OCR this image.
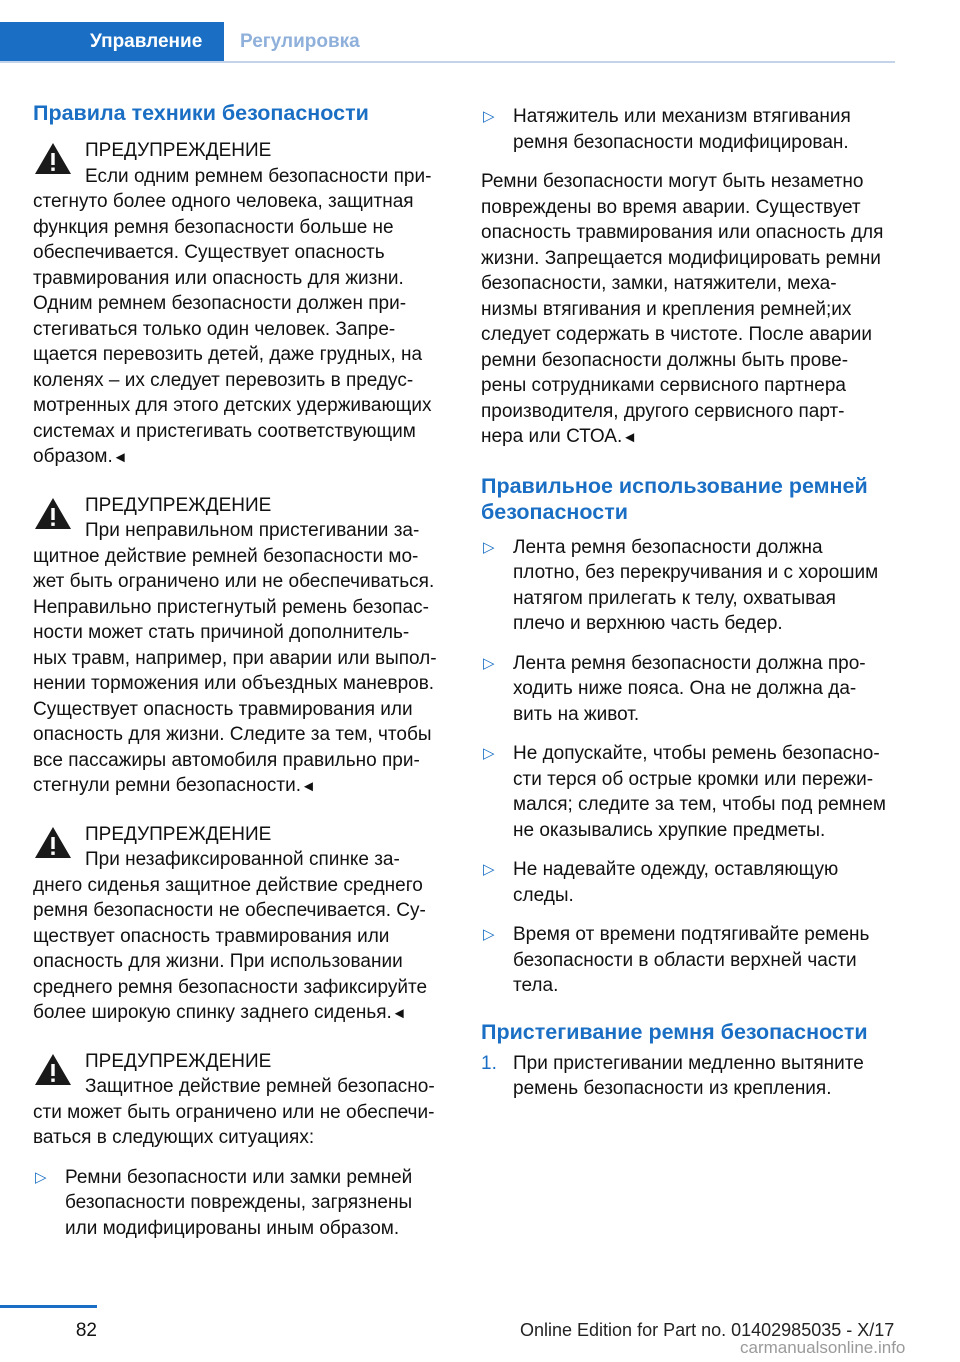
Управление	Регулировка
Правила техники безопасности
ПРЕДУПРЕЖДЕНИЕ
Если одним ремнем безопасности при-
стегнуто более одного человека, защитная
функция ремня безопасности больше не
обеспечивается. Существует опасность
травмирования или опасность для жизни.
Одним ремнем безопасности должен при-
стегиваться только один человек. Запре-
щается перевозить детей, даже грудных, на
коленях – их следует перевозить в предус-
мотренных для этого детских удерживающих
системах и пристегивать соответствующим
образом.◄
ПРЕДУПРЕЖДЕНИЕ
При неправильном пристегивании за-
щитное действие ремней безопасности мо-
жет быть ограничено или не обеспечиваться.
Неправильно пристегнутый ремень безопас-
ности может стать причиной дополнитель-
ных травм, например, при аварии или выпол-
нении торможения или объездных маневров.
Существует опасность травмирования или
опасность для жизни. Следите за тем, чтобы
все пассажиры автомобиля правильно при-
стегнули ремни безопасности.◄
ПРЕДУПРЕЖДЕНИЕ
При незафиксированной спинке за-
днего сиденья защитное действие среднего
ремня безопасности не обеспечивается. Су-
ществует опасность травмирования или
опасность для жизни. При использовании
среднего ремня безопасности зафиксируйте
более широкую спинку заднего сиденья.◄
ПРЕДУПРЕЖДЕНИЕ
Защитное действие ремней безопасно-
сти может быть ограничено или не обеспечи-
ваться в следующих ситуациях:
▷ Ремни безопасности или замки ремней
безопасности повреждены, загрязнены
или модифицированы иным образом.
▷ Натяжитель или механизм втягивания
ремня безопасности модифицирован.

Ремни безопасности могут быть незаметно
повреждены во время аварии. Существует
опасность травмирования или опасность для
жизни. Запрещается модифицировать ремни
безопасности, замки, натяжители, меха-
низмы втягивания и крепления ремней;их
следует содержать в чистоте. После аварии
ремни безопасности должны быть прове-
рены сотрудниками сервисного партнера
производителя, другого сервисного парт-
нера или СТОА.◄

Правильное использование ремней
безопасности
▷ Лента ремня безопасности должна
плотно, без перекручивания и с хорошим
натягом прилегать к телу, охватывая
плечо и верхнюю часть бедер.
▷ Лента ремня безопасности должна про-
ходить ниже пояса. Она не должна да-
вить на живот.
▷ Не допускайте, чтобы ремень безопасно-
сти терся об острые кромки или пережи-
мался; следите за тем, чтобы под ремнем
не оказывались хрупкие предметы.
▷ Не надевайте одежду, оставляющую
следы.
▷ Время от времени подтягивайте ремень
безопасности в области верхней части
тела.
Пристегивание ремня безопасности
1. При пристегивании медленно вытяните
ремень безопасности из крепления.
82	Online Edition for Part no. 01402985035 - X/17
carmanualsonline.info
